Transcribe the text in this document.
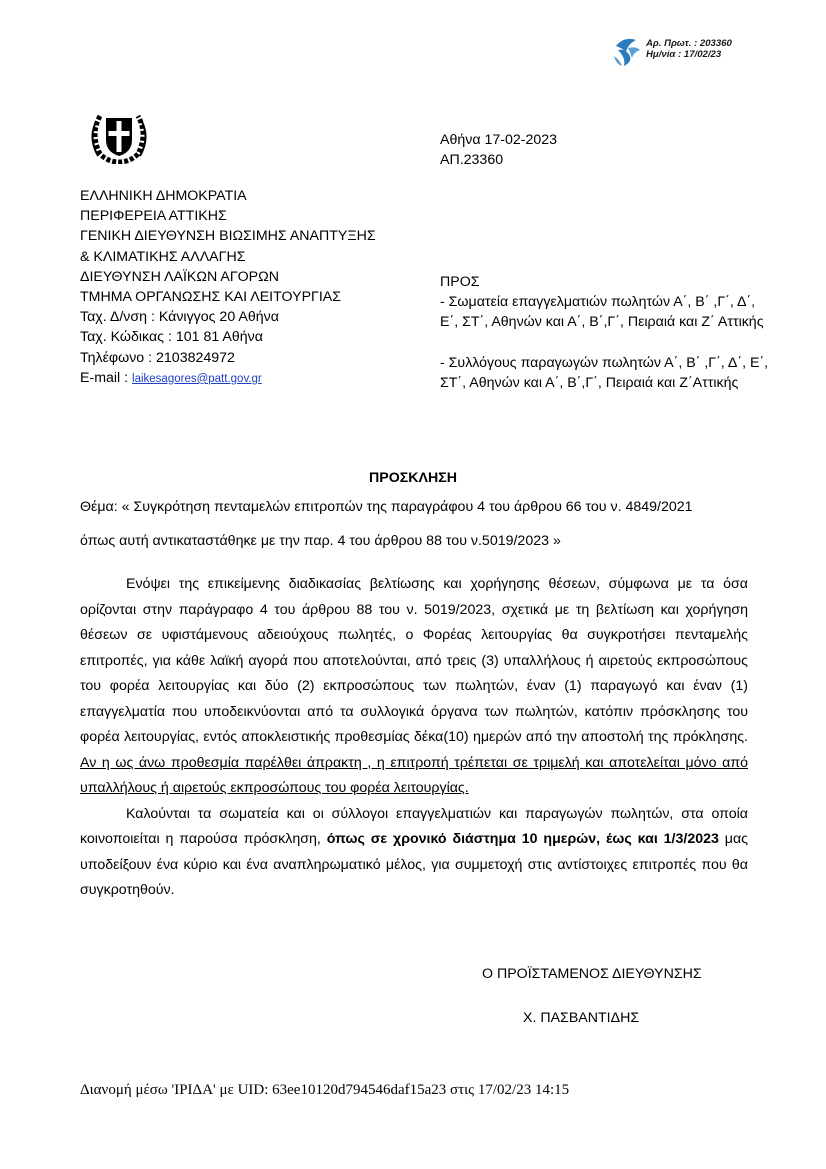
Αρ. Πρωτ. : 203360
Ημ/νία : 17/02/23
Αθήνα 17-02-2023
ΑΠ.23360
ΕΛΛΗΝΙΚΗ ΔΗΜΟΚΡΑΤΙΑ
ΠΕΡΙΦΕΡΕΙΑ ΑΤΤΙΚΗΣ
ΓΕΝΙΚΗ ΔΙΕΥΘΥΝΣΗ ΒΙΩΣΙΜΗΣ ΑΝΑΠΤΥΞΗΣ
& ΚΛΙΜΑΤΙΚΗΣ ΑΛΛΑΓΗΣ
ΔΙΕΥΘΥΝΣΗ ΛΑΪΚΩΝ ΑΓΟΡΩΝ
ΤΜΗΜΑ ΟΡΓΑΝΩΣΗΣ ΚΑΙ ΛΕΙΤΟΥΡΓΙΑΣ
Ταχ. Δ/νση : Κάνιγγος 20 Αθήνα
Ταχ. Κώδικας : 101 81 Αθήνα
Τηλέφωνο : 2103824972
E-mail : laikesagores@patt.gov.gr

ΠΡΟΣ

- Σωματεία επαγγελματιών πωλητών Α΄, Β΄ ,Γ΄, Δ΄, Ε΄, ΣΤ΄, Αθηνών και Α΄, Β΄,Γ΄, Πειραιά και Ζ΄ Αττικής

- Συλλόγους παραγωγών πωλητών Α΄, Β΄ ,Γ΄, Δ΄, Ε΄, ΣΤ΄, Αθηνών και Α΄, Β΄,Γ΄, Πειραιά και Ζ΄Αττικής

ΠΡΟΣΚΛΗΣΗ
Θέμα: « Συγκρότηση πενταμελών επιτροπών της παραγράφου 4 του άρθρου 66 του ν. 4849/2021
όπως αυτή αντικαταστάθηκε με την παρ. 4 του άρθρου 88 του ν.5019/2023 »

Ενόψει της επικείμενης διαδικασίας βελτίωσης και χορήγησης θέσεων, σύμφωνα με τα όσα ορίζονται στην παράγραφο 4 του άρθρου 88 του ν. 5019/2023, σχετικά με τη βελτίωση και χορήγηση θέσεων σε υφιστάμενους αδειούχους πωλητές, ο Φορέας λειτουργίας θα συγκροτήσει πενταμελής επιτροπές, για κάθε λαϊκή αγορά που αποτελούνται, από τρεις (3) υπαλλήλους ή αιρετούς εκπροσώπους του φορέα λειτουργίας και δύο (2) εκπροσώπους των πωλητών, έναν (1) παραγωγό και έναν (1) επαγγελματία που υποδεικνύονται από τα συλλογικά όργανα των πωλητών, κατόπιν πρόσκλησης του φορέα λειτουργίας, εντός αποκλειστικής προθεσμίας δέκα(10) ημερών από την αποστολή της πρόκλησης. Αν η ως άνω προθεσμία παρέλθει άπρακτη , η επιτροπή τρέπεται σε τριμελή και αποτελείται μόνο από υπαλλήλους ή αιρετούς εκπροσώπους του φορέα λειτουργίας.

Καλούνται τα σωματεία και οι σύλλογοι επαγγελματιών και παραγωγών πωλητών, στα οποία κοινοποιείται η παρούσα πρόσκληση, όπως σε χρονικό διάστημα 10 ημερών, έως και 1/3/2023 μας υποδείξουν ένα κύριο και ένα αναπληρωματικό μέλος, για συμμετοχή στις αντίστοιχες επιτροπές που θα συγκροτηθούν.

Ο ΠΡΟΪΣΤΑΜΕΝΟΣ ΔΙΕΥΘΥΝΣΗΣ
Χ. ΠΑΣΒΑΝΤΙΔΗΣ
Διανομή μέσω 'ΙΡΙΔΑ' με UID: 63ee10120d794546daf15a23 στις 17/02/23 14:15
